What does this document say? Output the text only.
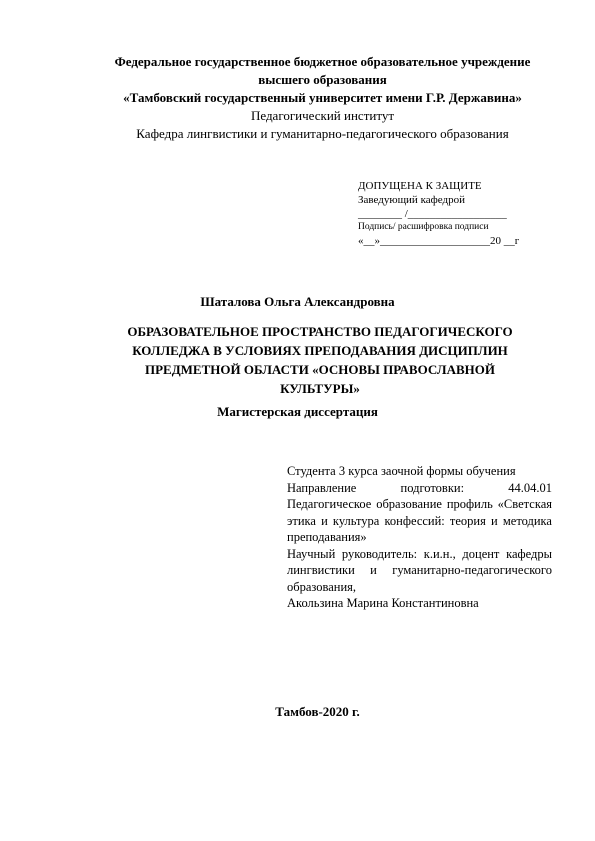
Федеральное государственное бюджетное образовательное учреждение
высшего образования
«Тамбовский государственный университет имени Г.Р. Державина»
Педагогический институт
Кафедра лингвистики и гуманитарно-педагогического образования
ДОПУЩЕНА К ЗАЩИТЕ
Заведующий кафедрой
________ /__________________
Подпись/ расшифровка подписи
«__»____________________20 __г
Шаталова Ольга Александровна
ОБРАЗОВАТЕЛЬНОЕ ПРОСТРАНСТВО ПЕДАГОГИЧЕСКОГО
КОЛЛЕДЖА В УСЛОВИЯХ ПРЕПОДАВАНИЯ ДИСЦИПЛИН
ПРЕДМЕТНОЙ ОБЛАСТИ «ОСНОВЫ ПРАВОСЛАВНОЙ
КУЛЬТУРЫ»
Магистерская диссертация
Студента 3 курса заочной формы обучения
Направление подготовки: 44.04.01 Педагогическое образование профиль «Светская этика и культура конфессий: теория и методика преподавания»
Научный руководитель: к.и.н., доцент кафедры лингвистики и гуманитарно-педагогического образования,
Акользина Марина Константиновна
Тамбов-2020 г.
